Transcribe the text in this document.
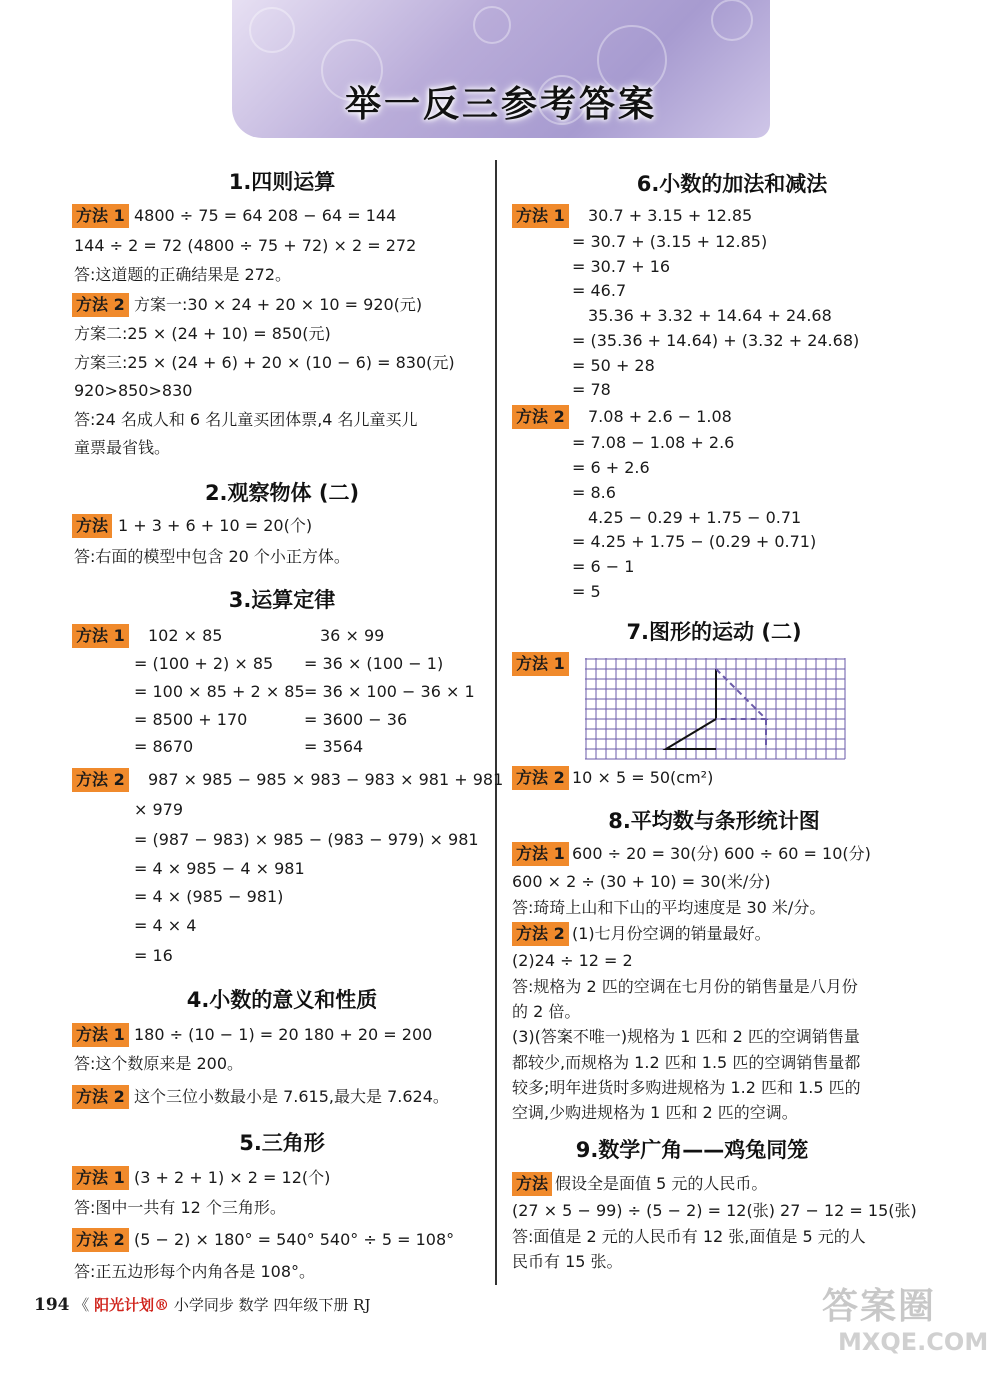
举一反三参考答案
1.四则运算
方法 1 4800 ÷ 75 = 64 208 − 64 = 144
144 ÷ 2 = 72 (4800 ÷ 75 + 72) × 2 = 272
答:这道题的正确结果是 272。
方法 2 方案一:30 × 24 + 20 × 10 = 920(元)
方案二:25 × (24 + 10) = 850(元)
方案三:25 × (24 + 6) + 20 × (10 − 6) = 830(元)
920>850>830
答:24 名成人和 6 名儿童买团体票,4 名儿童买儿
童票最省钱。
2.观察物体 (二)
方法 1 + 3 + 6 + 10 = 20(个)
答:右面的模型中包含 20 个小正方体。
3.运算定律
方法 1 102 × 85
= (100 + 2) × 85
= 100 × 85 + 2 × 85
= 8500 + 170
= 8670
36 × 99
= 36 × (100 − 1)
= 36 × 100 − 36 × 1
= 3600 − 36
= 3564
方法 2 987 × 985 − 985 × 983 − 983 × 981 + 981
× 979
= (987 − 983) × 985 − (983 − 979) × 981
= 4 × 985 − 4 × 981
= 4 × (985 − 981)
= 4 × 4
= 16
4.小数的意义和性质
方法 1 180 ÷ (10 − 1) = 20 180 + 20 = 200
答:这个数原来是 200。
方法 2 这个三位小数最小是 7.615,最大是 7.624。
5.三角形
方法 1 (3 + 2 + 1) × 2 = 12(个)
答:图中一共有 12 个三角形。
方法 2 (5 − 2) × 180° = 540° 540° ÷ 5 = 108°
答:正五边形每个内角各是 108°。
6.小数的加法和减法
方法 1 30.7 + 3.15 + 12.85
= 30.7 + (3.15 + 12.85)
= 30.7 + 16
= 46.7
35.36 + 3.32 + 14.64 + 24.68
= (35.36 + 14.64) + (3.32 + 24.68)
= 50 + 28
= 78
方法 2 7.08 + 2.6 − 1.08
= 7.08 − 1.08 + 2.6
= 6 + 2.6
= 8.6
4.25 − 0.29 + 1.75 − 0.71
= 4.25 + 1.75 − (0.29 + 0.71)
= 6 − 1
= 5
7.图形的运动 (二)
方法 1
方法 2 10 × 5 = 50(cm²)
8.平均数与条形统计图
方法 1 600 ÷ 20 = 30(分) 600 ÷ 60 = 10(分)
600 × 2 ÷ (30 + 10) = 30(米/分)
答:琦琦上山和下山的平均速度是 30 米/分。
方法 2 (1)七月份空调的销量最好。
(2)24 ÷ 12 = 2
答:规格为 2 匹的空调在七月份的销售量是八月份
的 2 倍。
(3)(答案不唯一)规格为 1 匹和 2 匹的空调销售量
都较少,而规格为 1.2 匹和 1.5 匹的空调销售量都
较多;明年进货时多购进规格为 1.2 匹和 1.5 匹的
空调,少购进规格为 1 匹和 2 匹的空调。
9.数学广角——鸡兔同笼
方法 假设全是面值 5 元的人民币。
(27 × 5 − 99) ÷ (5 − 2) = 12(张) 27 − 12 = 15(张)
答:面值是 2 元的人民币有 12 张,面值是 5 元的人
民币有 15 张。
194 《 阳光计划® 小学同步 数学 四年级下册 RJ	答案圈
MXQE.COM
